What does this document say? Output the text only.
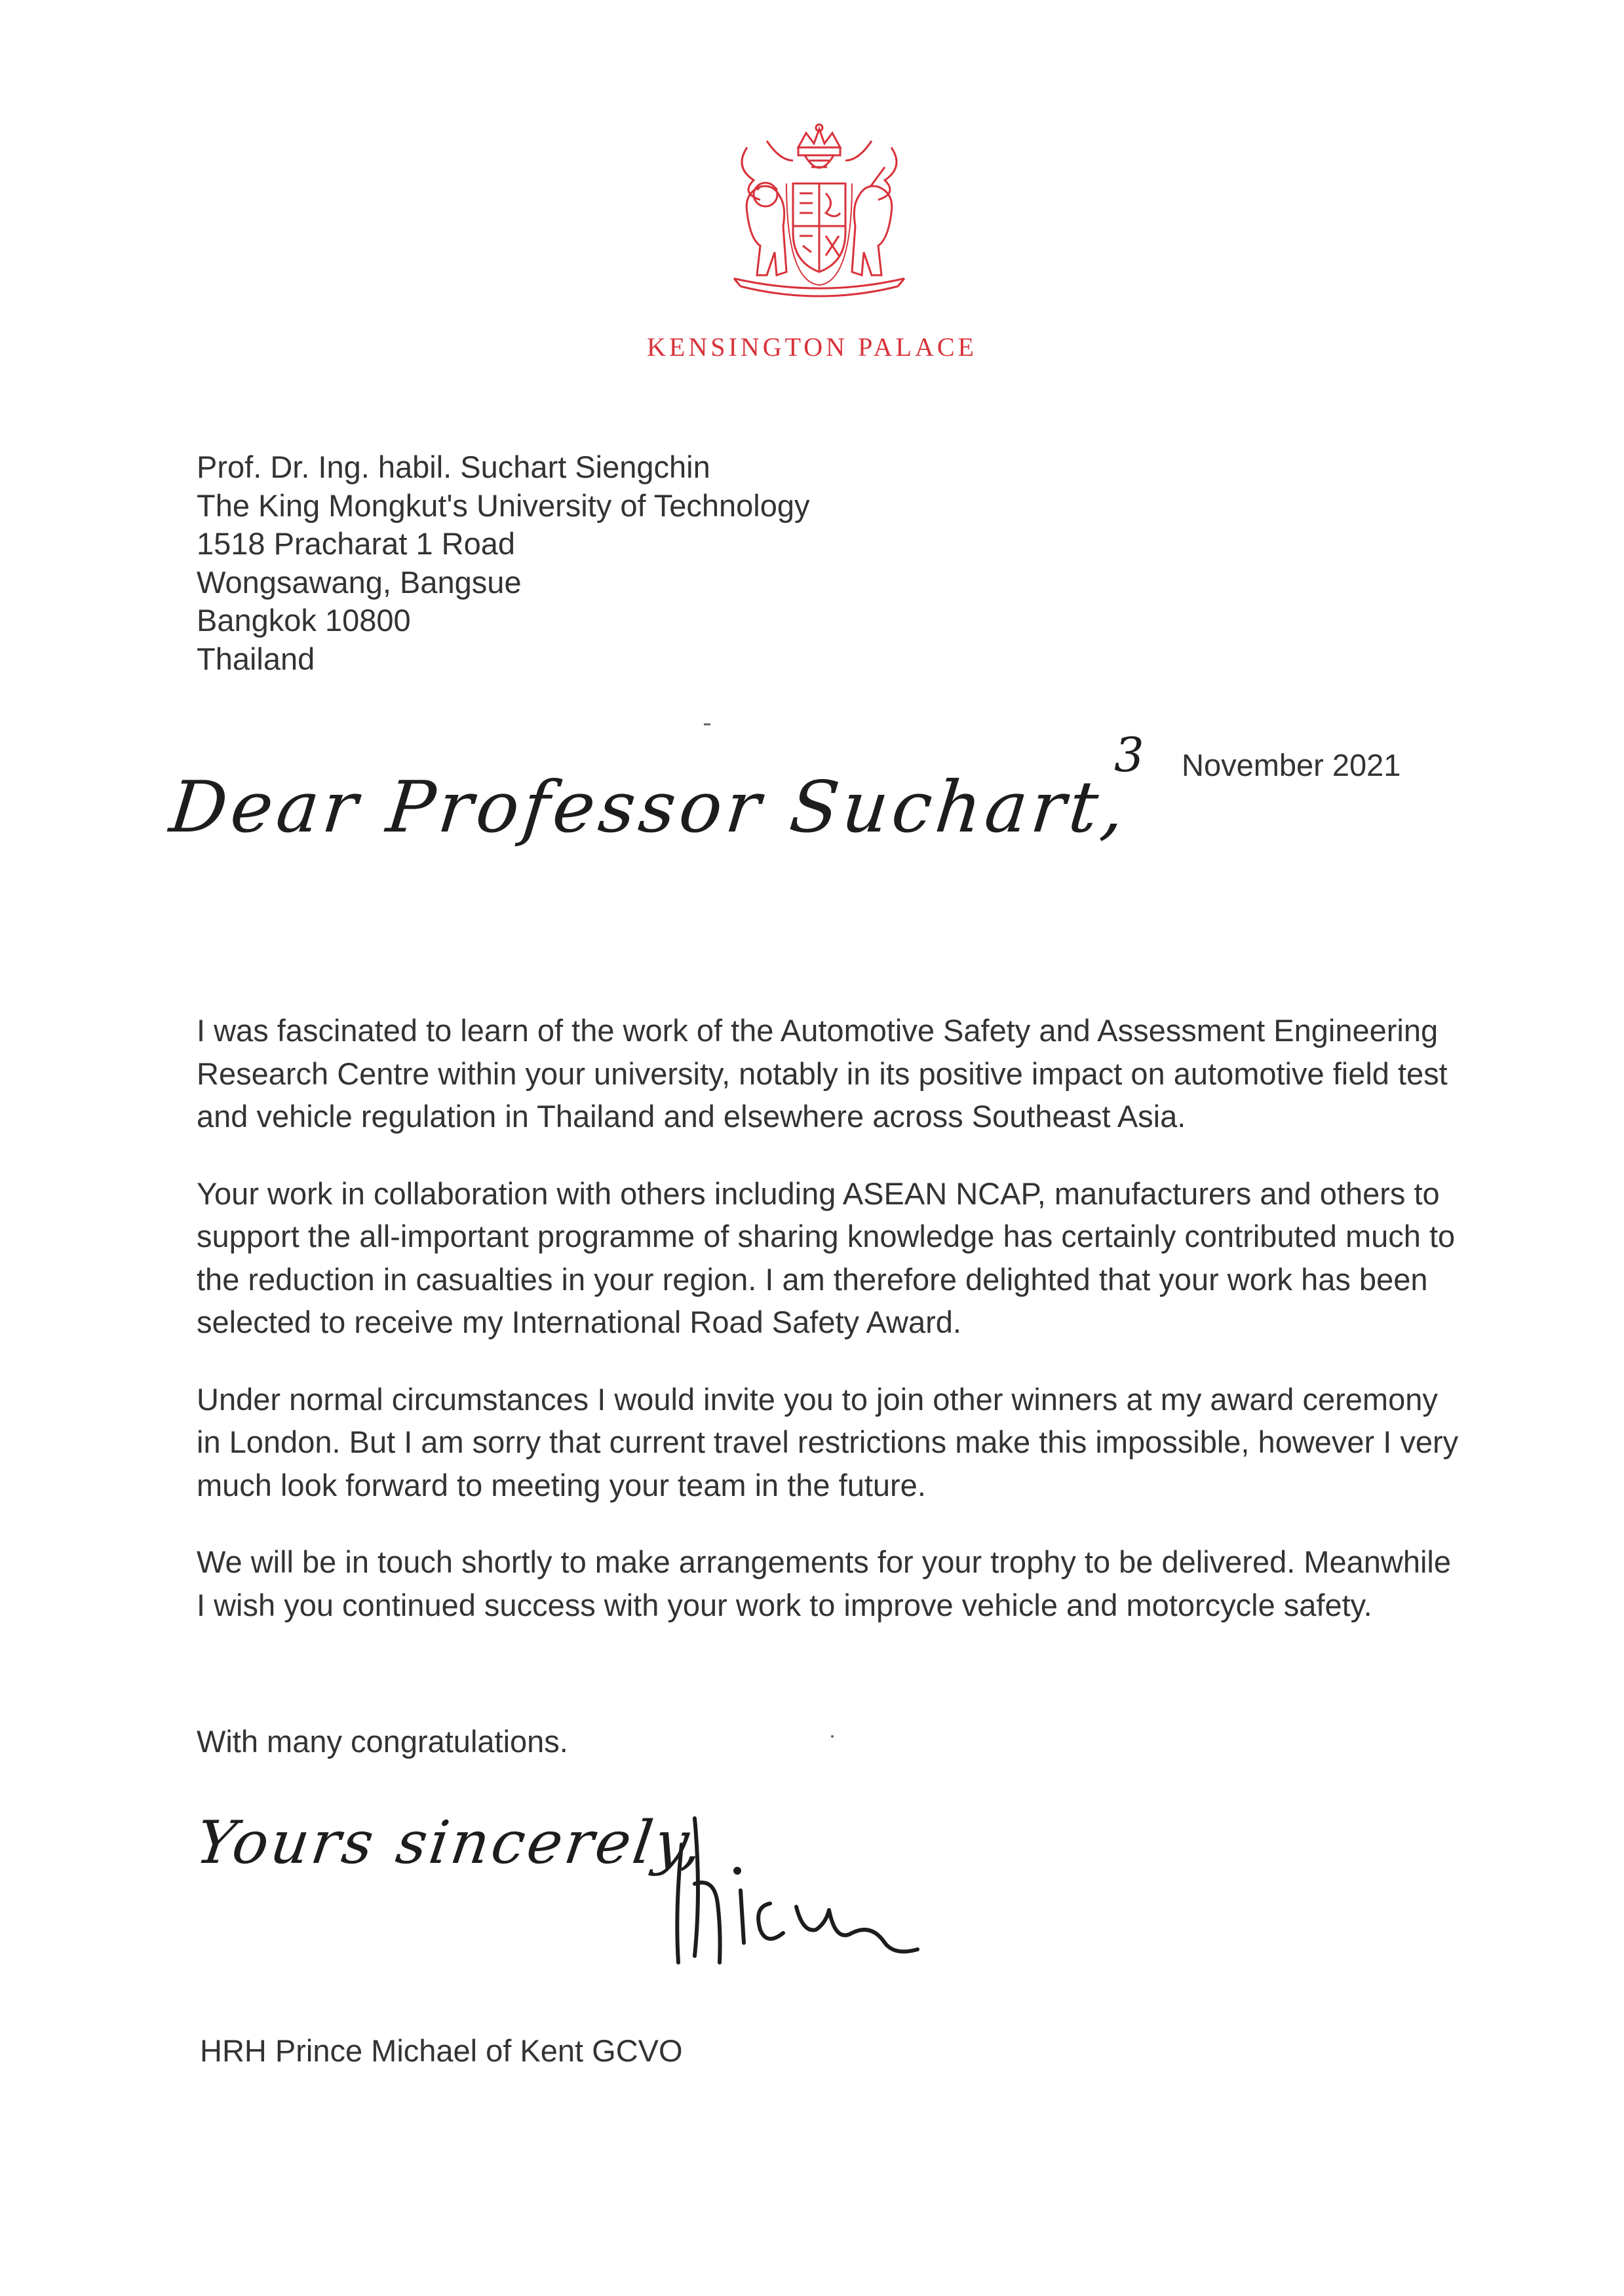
KENSINGTON PALACE
Prof. Dr. Ing. habil. Suchart Siengchin
The King Mongkut's University of Technology
1518 Pracharat 1 Road
Wongsawang, Bangsue
Bangkok 10800
Thailand
3 November 2021
Dear Professor Suchart,

I was fascinated to learn of the work of the Automotive Safety and Assessment Engineering Research Centre within your university, notably in its positive impact on automotive field test and vehicle regulation in Thailand and elsewhere across Southeast Asia.

Your work in collaboration with others including ASEAN NCAP, manufacturers and others to support the all-important programme of sharing knowledge has certainly contributed much to the reduction in casualties in your region. I am therefore delighted that your work has been selected to receive my International Road Safety Award.

Under normal circumstances I would invite you to join other winners at my award ceremony in London. But I am sorry that current travel restrictions make this impossible, however I very much look forward to meeting your team in the future.

We will be in touch shortly to make arrangements for your trophy to be delivered. Meanwhile I wish you continued success with your work to improve vehicle and motorcycle safety.

With many congratulations.
Yours sincerely,
HRH Prince Michael of Kent GCVO
